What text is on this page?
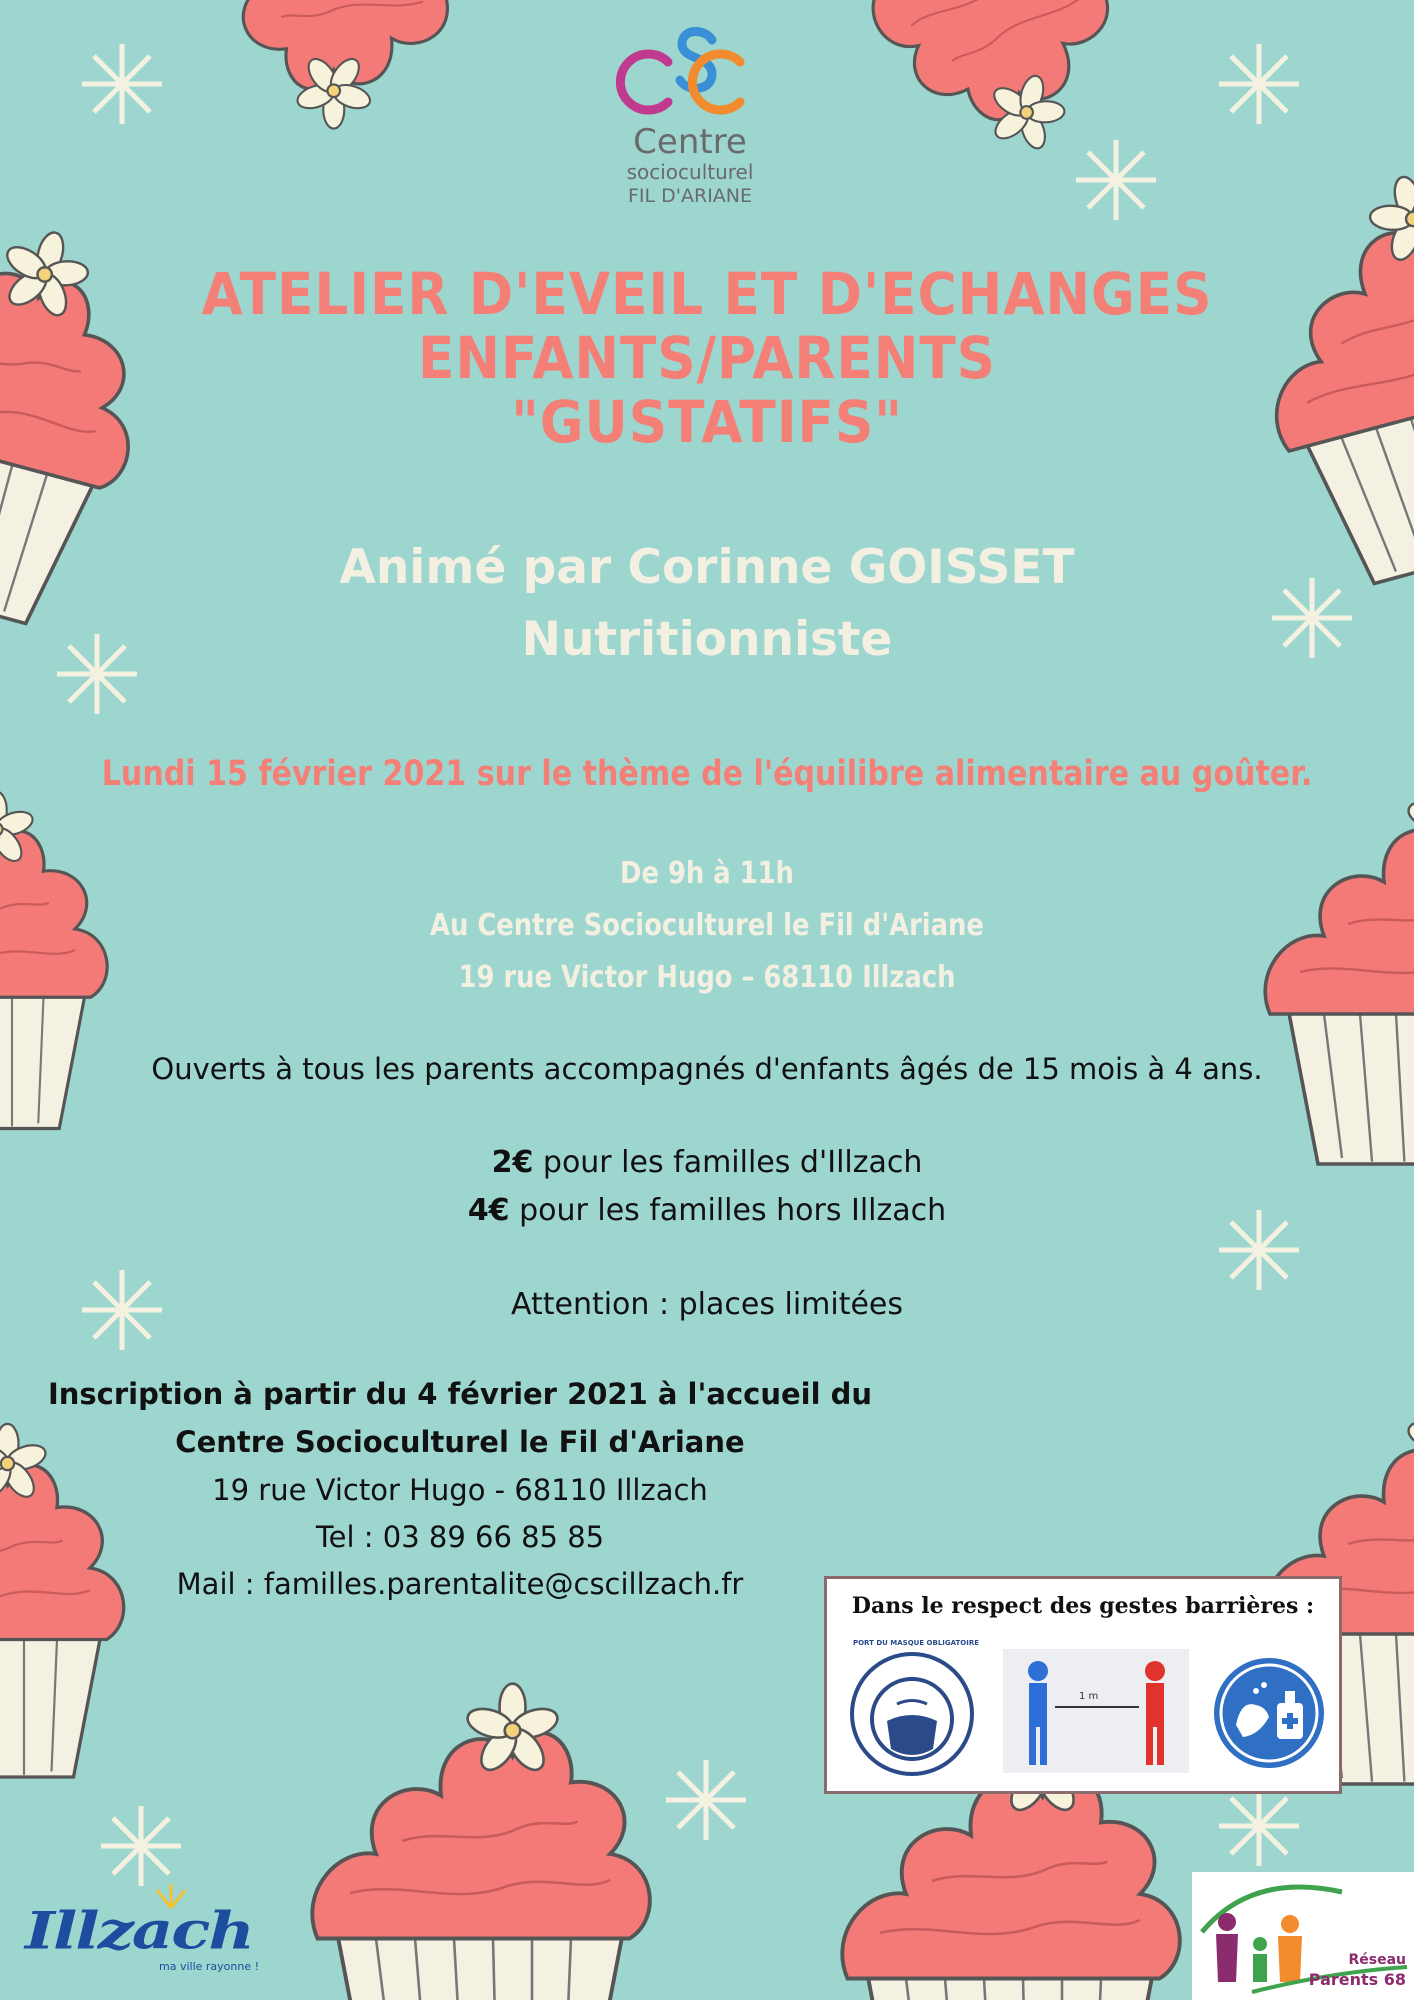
Centre
socioculturel
FIL D'ARIANE
ATELIER D'EVEIL ET D'ECHANGES
ENFANTS/PARENTS
"GUSTATIFS"
Animé par Corinne GOISSET
Nutritionniste
Lundi 15 février 2021 sur le thème de l'équilibre alimentaire au goûter.
De 9h à 11h
Au Centre Socioculturel le Fil d'Ariane
19 rue Victor Hugo – 68110 Illzach
Ouverts à tous les parents accompagnés d'enfants âgés de 15 mois à 4 ans.
2€ pour les familles d'Illzach
4€ pour les familles hors Illzach
Attention : places limitées
Inscription à partir du 4 février 2021 à l'accueil du
Centre Socioculturel le Fil d'Ariane
19 rue Victor Hugo - 68110 Illzach
Tel : 03 89 66 85 85
Mail : familles.parentalite@cscillzach.fr
Dans le respect des gestes barrières :
PORT DU MASQUE OBLIGATOIRE
1 m
Illzach
ma ville rayonne !	Réseau
Parents 68
